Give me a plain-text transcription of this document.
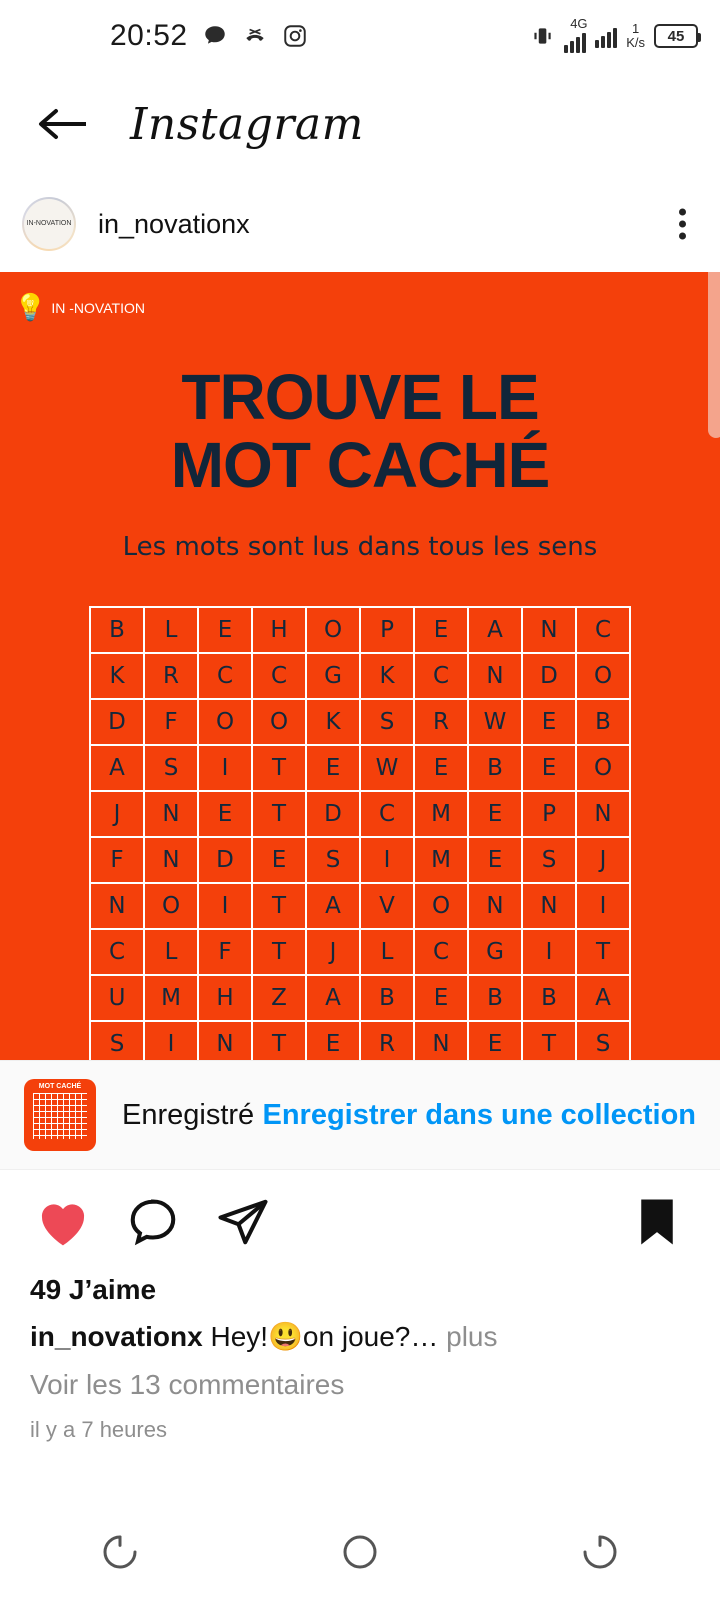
20:52	4G	1
K/s 45
Instagram
IN-NOVATION in_novationx
💡 IN -NOVATION
TROUVE LE
MOT CACHÉ
Les mots sont lus dans tous les sens
B	L	E	H	O	P	E	A	N	C
K	R	C	C	G	K	C	N	D	O
D	F	O	O	K	S	R	W	E	B
A	S	I	T	E	W	E	B	E	O
J	N	E	T	D	C	M	E	P	N
F	N	D	E	S	I	M	E	S	J
N	O	I	T	A	V	O	N	N	I
C	L	F	T	J	L	C	G	I	T
U	M	H	Z	A	B	E	B	B	A
S	I	N	T	E	R	N	E	T	S
MOT CACHÉ
Enregistré Enregistrer dans une collection
49 J’aime
in_novationx Hey!😃on joue?… plus
Voir les 13 commentaires
il y a 7 heures
